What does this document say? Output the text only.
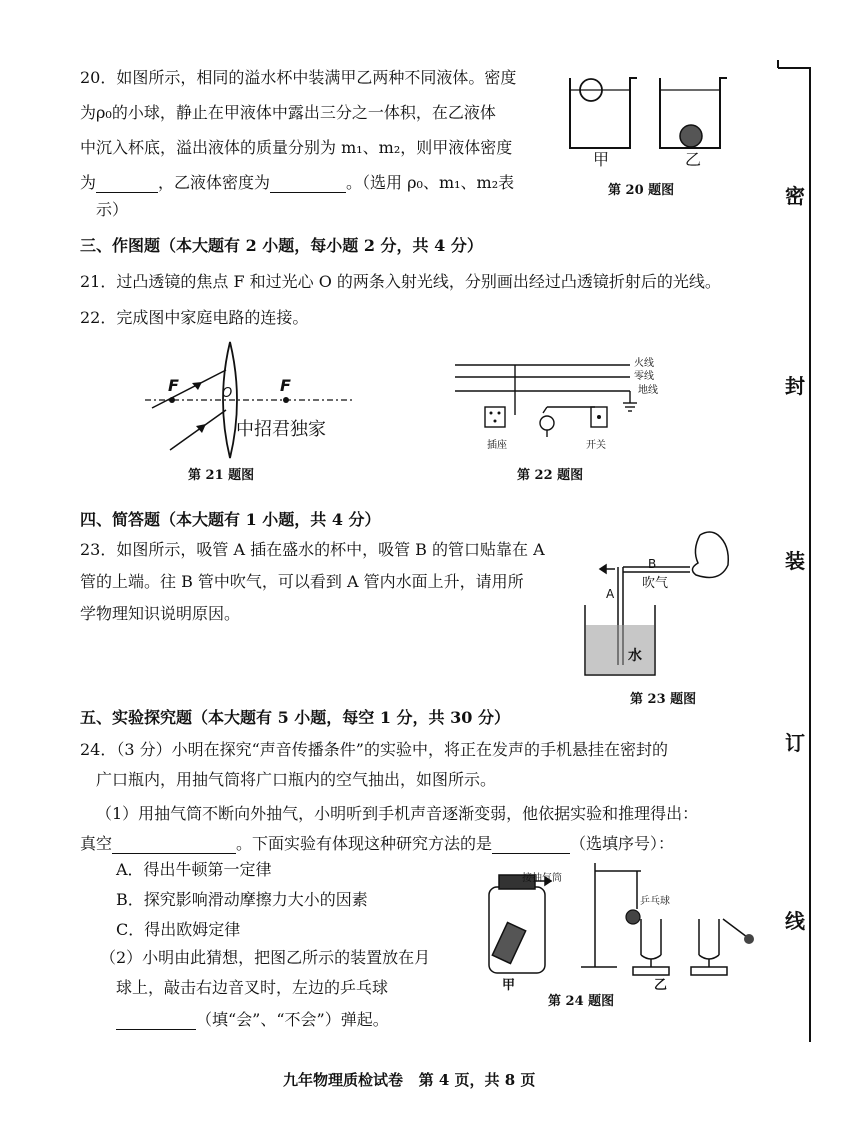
20．如图所示，相同的溢水杯中装满甲乙两种不同液体。密度
为ρ₀的小球，静止在甲液体中露出三分之一体积，在乙液体
中沉入杯底，溢出液体的质量分别为 m₁、m₂，则甲液体密度
为	，乙液体密度为	。（选用 ρ₀、m₁、m₂表
示）
甲	乙
第 20 题图
三、作图题（本大题有 2 小题，每小题 2 分，共 4 分）
21．过凸透镜的焦点 F 和过光心 O 的两条入射光线，分别画出经过凸透镜折射后的光线。
22．完成图中家庭电路的连接。
F	O	F
中招君独家
第 21 题图
火线
零线
地线
插座	开关
第 22 题图
四、简答题（本大题有 1 小题，共 4 分）
23．如图所示，吸管 A 插在盛水的杯中，吸管 B 的管口贴靠在 A
管的上端。往 B 管中吹气，可以看到 A 管内水面上升，请用所
学物理知识说明原因。
B
A
吹气
水
第 23 题图
五、实验探究题（本大题有 5 小题，每空 1 分，共 30 分）
24．（3 分）小明在探究“声音传播条件”的实验中，将正在发声的手机悬挂在密封的
广口瓶内，用抽气筒将广口瓶内的空气抽出，如图所示。
（1）用抽气筒不断向外抽气，小明听到手机声音逐渐变弱，他依据实验和推理得出：
真空	。下面实验有体现这种研究方法的是	（选填序号）：
A．得出牛顿第一定律
B．探究影响滑动摩擦力大小的因素
C．得出欧姆定律
（2）小明由此猜想，把图乙所示的装置放在月
球上，敲击右边音叉时，左边的乒乓球
（填“会”、“不会”）弹起。
接抽气筒
乒乓球
甲	乙
第 24 题图
九年物理质检试卷   第 4 页，共 8 页
密
封
装
订
线
